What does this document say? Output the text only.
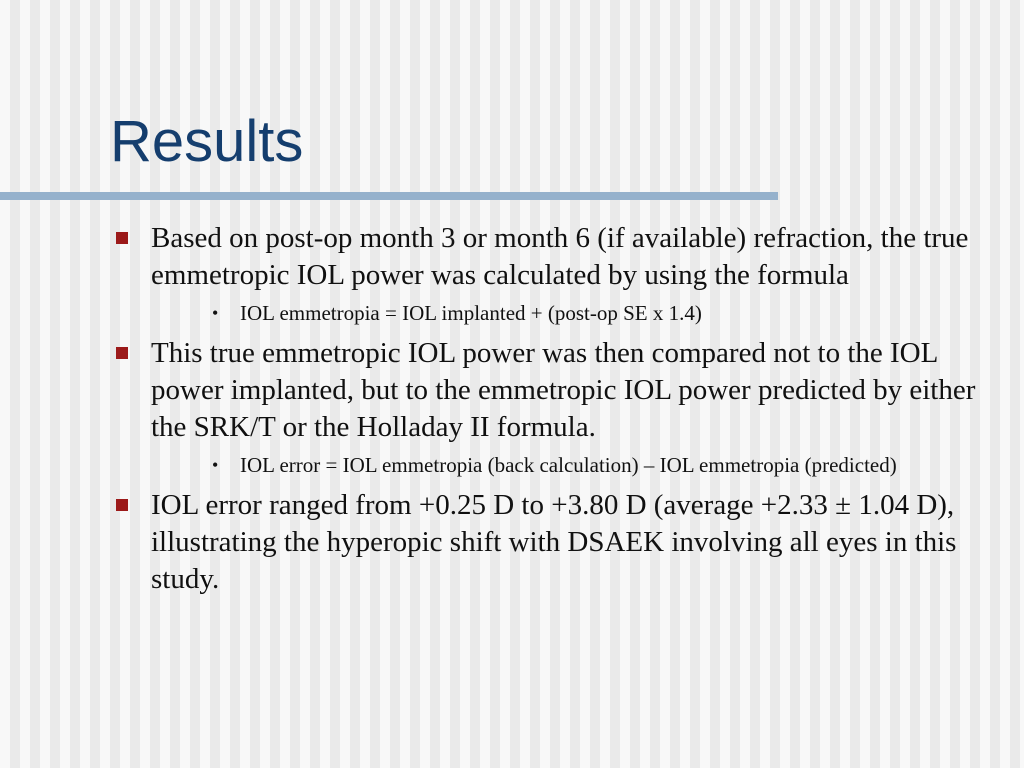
Results
Based on post-op month 3 or month 6 (if available) refraction, the true emmetropic IOL power was calculated by using the formula
• IOL emmetropia = IOL implanted + (post-op SE x 1.4)
This true emmetropic IOL power was then compared not to the IOL power implanted, but to the emmetropic IOL power predicted by either the SRK/T or the Holladay II formula.
• IOL error = IOL emmetropia (back calculation) – IOL emmetropia (predicted)
IOL error ranged from +0.25 D to +3.80 D (average +2.33 ± 1.04 D), illustrating the hyperopic shift with DSAEK involving all eyes in this study.
